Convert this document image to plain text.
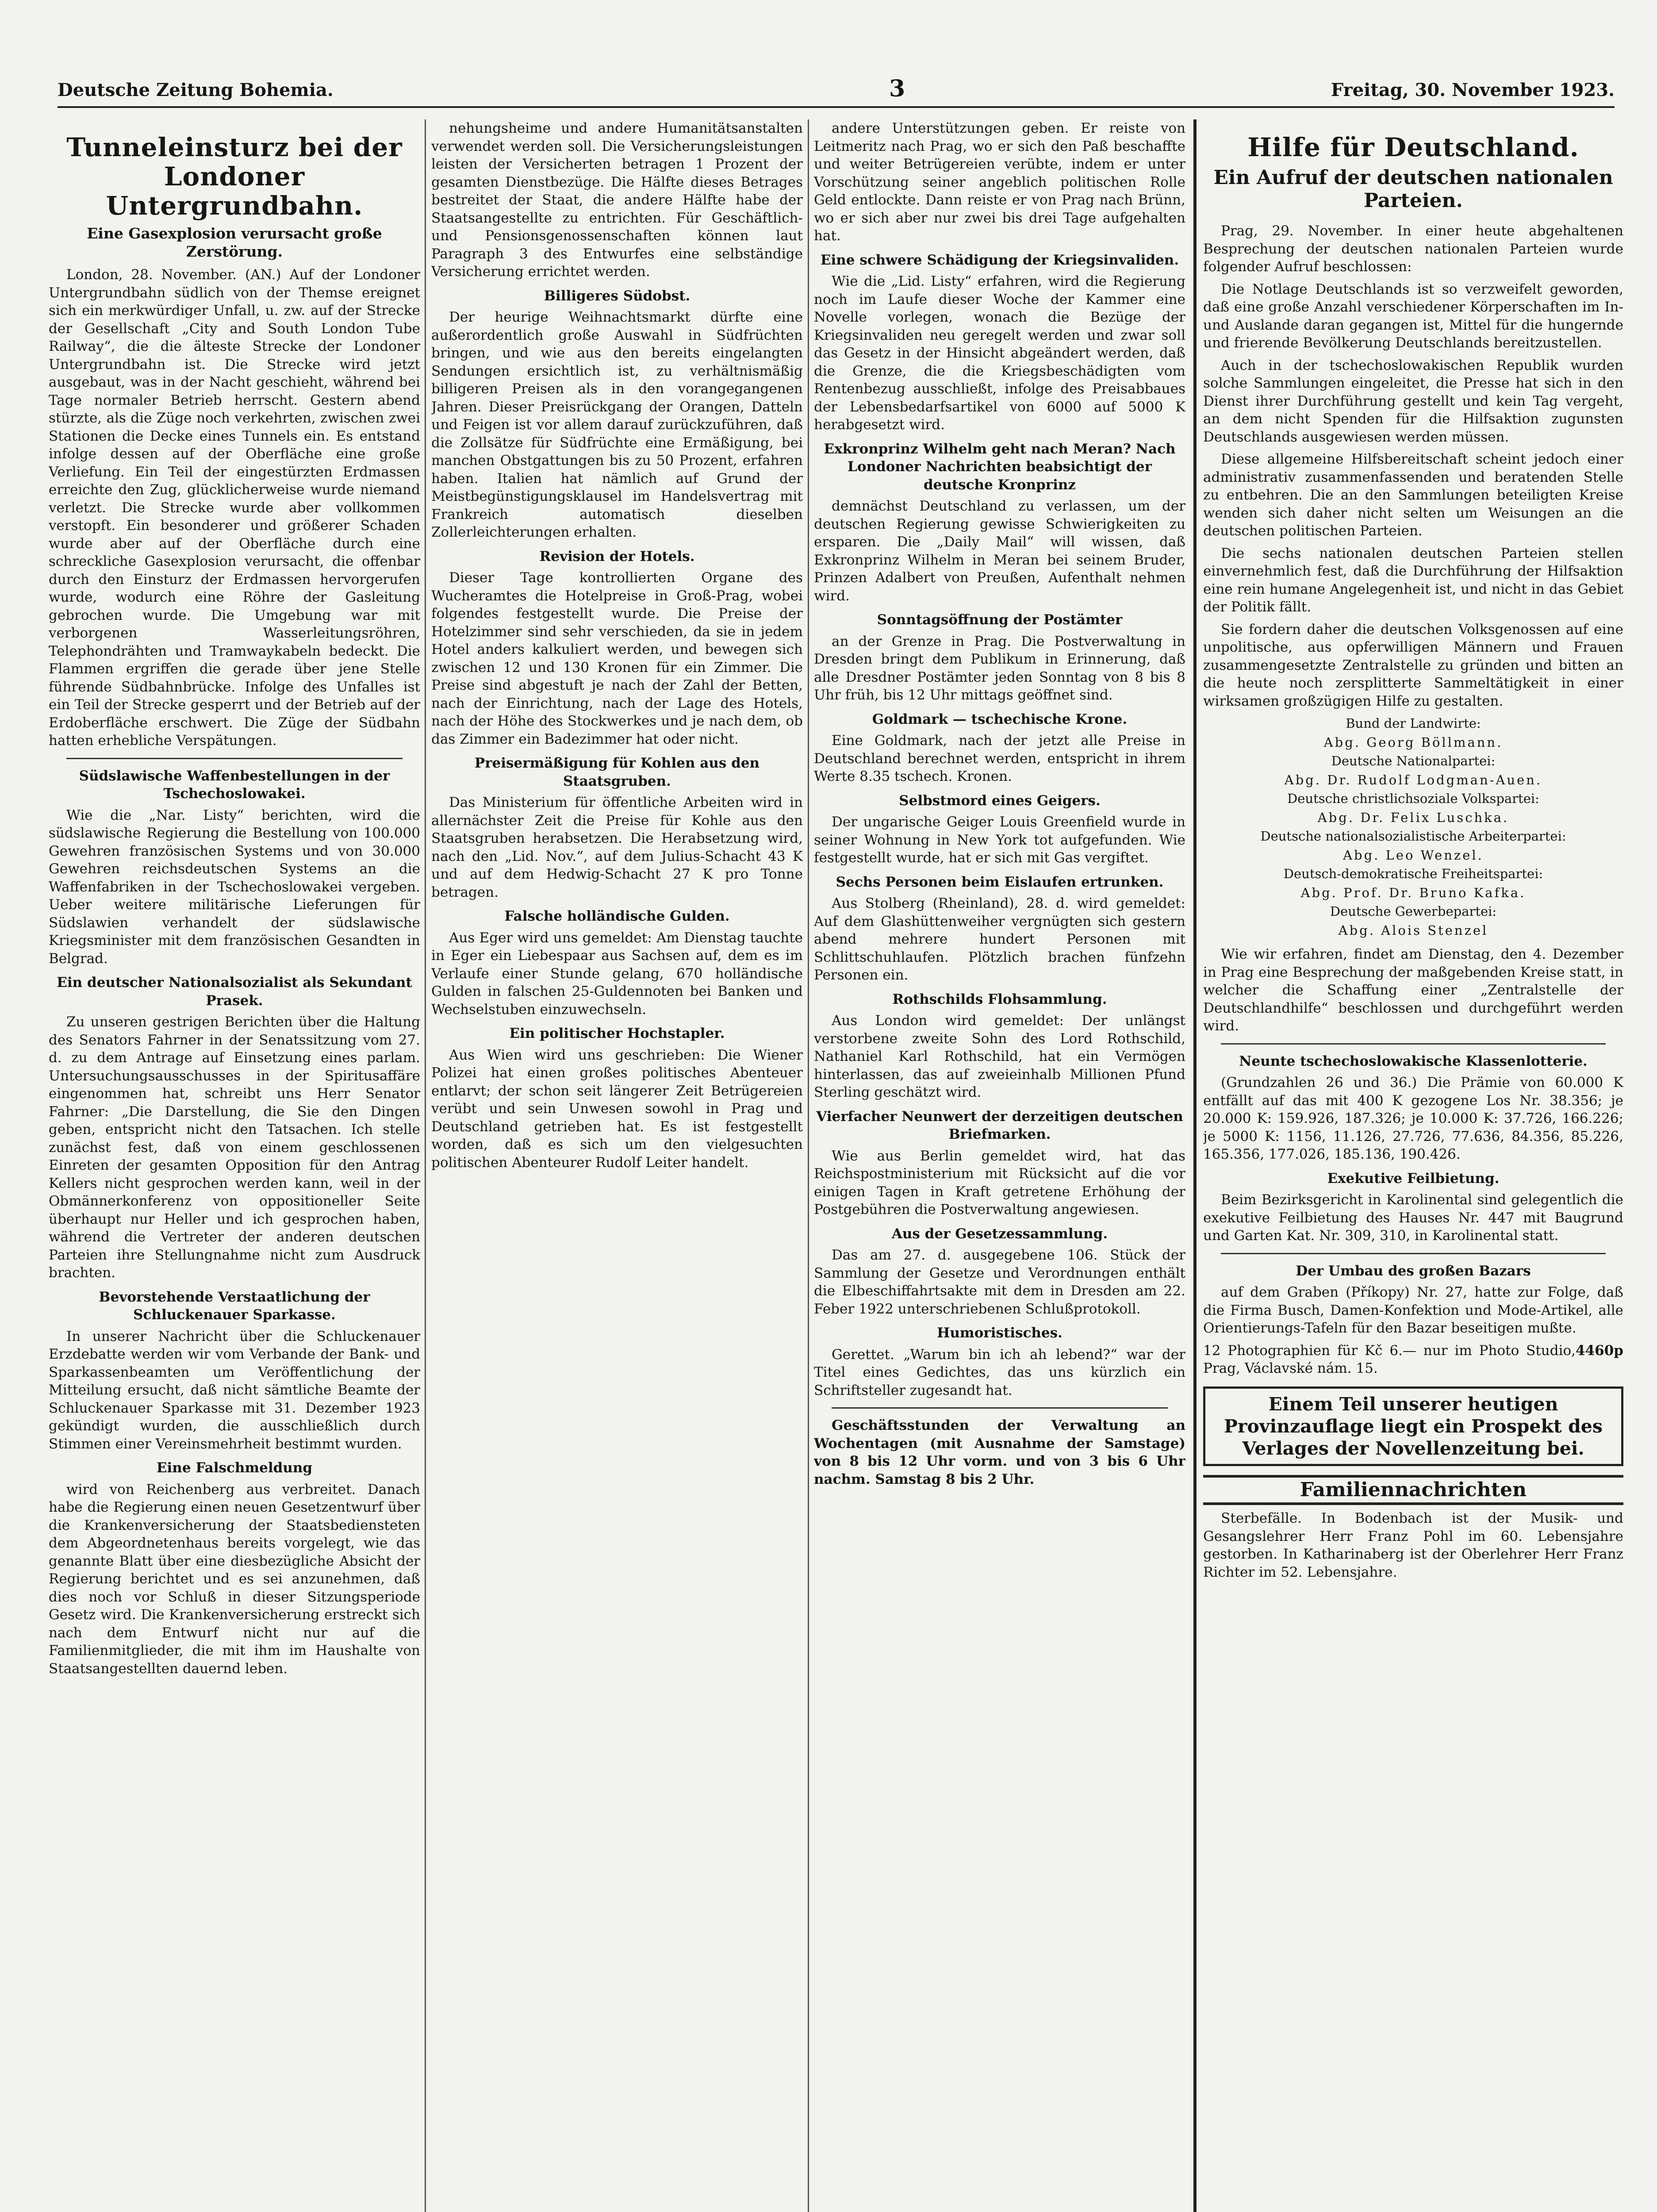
Deutsche Zeitung Bohemia.	3	Freitag, 30. November 1923.
Tunneleinsturz bei der Londoner Untergrundbahn.
Eine Gasexplosion verursacht große Zerstörung.

London, 28. November. (AN.) Auf der Londoner Untergrundbahn südlich von der Themse ereignet sich ein merkwürdiger Unfall, u. zw. auf der Strecke der Gesellschaft „City and South London Tube Railway“, die die älteste Strecke der Londoner Untergrundbahn ist. Die Strecke wird jetzt ausgebaut, was in der Nacht geschieht, während bei Tage normaler Betrieb herrscht. Gestern abend stürzte, als die Züge noch verkehrten, zwischen zwei Stationen die Decke eines Tunnels ein. Es entstand infolge dessen auf der Oberfläche eine große Verliefung. Ein Teil der eingestürzten Erdmassen erreichte den Zug, glücklicherweise wurde niemand verletzt. Die Strecke wurde aber vollkommen verstopft. Ein besonderer und größerer Schaden wurde aber auf der Oberfläche durch eine schreckliche Gasexplosion verursacht, die offenbar durch den Einsturz der Erdmassen hervorgerufen wurde, wodurch eine Röhre der Gasleitung gebrochen wurde. Die Umgebung war mit verborgenen Wasserleitungsröhren, Telephondrähten und Tramwaykabeln bedeckt. Die Flammen ergriffen die gerade über jene Stelle führende Südbahnbrücke. Infolge des Unfalles ist ein Teil der Strecke gesperrt und der Betrieb auf der Erdoberfläche erschwert. Die Züge der Südbahn hatten erhebliche Verspätungen.

Südslawische Waffenbestellungen in der Tschechoslowakei.

Wie die „Nar. Listy“ berichten, wird die südslawische Regierung die Bestellung von 100.000 Gewehren französischen Systems und von 30.000 Gewehren reichsdeutschen Systems an die Waffenfabriken in der Tschechoslowakei vergeben. Ueber weitere militärische Lieferungen für Südslawien verhandelt der südslawische Kriegsminister mit dem französischen Gesandten in Belgrad.

Ein deutscher Nationalsozialist als Sekundant Prasek.

Zu unseren gestrigen Berichten über die Haltung des Senators Fahrner in der Senatssitzung vom 27. d. zu dem Antrage auf Einsetzung eines parlam. Untersuchungsausschusses in der Spiritusaffäre eingenommen hat, schreibt uns Herr Senator Fahrner: „Die Darstellung, die Sie den Dingen geben, entspricht nicht den Tatsachen. Ich stelle zunächst fest, daß von einem geschlossenen Einreten der gesamten Opposition für den Antrag Kellers nicht gesprochen werden kann, weil in der Obmännerkonferenz von oppositioneller Seite überhaupt nur Heller und ich gesprochen haben, während die Vertreter der anderen deutschen Parteien ihre Stellungnahme nicht zum Ausdruck brachten.

Bevorstehende Verstaatlichung der Schluckenauer Sparkasse.

In unserer Nachricht über die Schluckenauer Erzdebatte werden wir vom Verbande der Bank- und Sparkassenbeamten um Veröffentlichung der Mitteilung ersucht, daß nicht sämtliche Beamte der Schluckenauer Sparkasse mit 31. Dezember 1923 gekündigt wurden, die ausschließlich durch Stimmen einer Vereinsmehrheit bestimmt wurden.

Eine Falschmeldung

wird von Reichenberg aus verbreitet. Danach habe die Regierung einen neuen Gesetzentwurf über die Krankenversicherung der Staatsbediensteten dem Abgeordnetenhaus bereits vorgelegt, wie das genannte Blatt über eine diesbezügliche Absicht der Regierung berichtet und es sei anzunehmen, daß dies noch vor Schluß in dieser Sitzungsperiode Gesetz wird. Die Krankenversicherung erstreckt sich nach dem Entwurf nicht nur auf die Familienmitglieder, die mit ihm im Haushalte von Staatsangestellten dauernd leben.

nehungsheime und andere Humanitätsanstalten verwendet werden soll. Die Versicherungsleistungen leisten der Versicherten betragen 1 Prozent der gesamten Dienstbezüge. Die Hälfte dieses Betrages bestreitet der Staat, die andere Hälfte habe der Staatsangestellte zu entrichten. Für Geschäftlich- und Pensionsgenossenschaften können laut Paragraph 3 des Entwurfes eine selbständige Versicherung errichtet werden.

Billigeres Südobst.

Der heurige Weihnachtsmarkt dürfte eine außerordentlich große Auswahl in Südfrüchten bringen, und wie aus den bereits eingelangten Sendungen ersichtlich ist, zu verhältnismäßig billigeren Preisen als in den vorangegangenen Jahren. Dieser Preisrückgang der Orangen, Datteln und Feigen ist vor allem darauf zurückzuführen, daß die Zollsätze für Südfrüchte eine Ermäßigung, bei manchen Obstgattungen bis zu 50 Prozent, erfahren haben. Italien hat nämlich auf Grund der Meistbegünstigungsklausel im Handelsvertrag mit Frankreich automatisch dieselben Zollerleichterungen erhalten.

Revision der Hotels.

Dieser Tage kontrollierten Organe des Wucheramtes die Hotelpreise in Groß-Prag, wobei folgendes festgestellt wurde. Die Preise der Hotelzimmer sind sehr verschieden, da sie in jedem Hotel anders kalkuliert werden, und bewegen sich zwischen 12 und 130 Kronen für ein Zimmer. Die Preise sind abgestuft je nach der Zahl der Betten, nach der Einrichtung, nach der Lage des Hotels, nach der Höhe des Stockwerkes und je nach dem, ob das Zimmer ein Badezimmer hat oder nicht.

Preisermäßigung für Kohlen aus den Staatsgruben.

Das Ministerium für öffentliche Arbeiten wird in allernächster Zeit die Preise für Kohle aus den Staatsgruben herabsetzen. Die Herabsetzung wird, nach den „Lid. Nov.“, auf dem Julius-Schacht 43 K und auf dem Hedwig-Schacht 27 K pro Tonne betragen.

Falsche holländische Gulden.

Aus Eger wird uns gemeldet: Am Dienstag tauchte in Eger ein Liebespaar aus Sachsen auf, dem es im Verlaufe einer Stunde gelang, 670 holländische Gulden in falschen 25-Guldennoten bei Banken und Wechselstuben einzuwechseln.

Ein politischer Hochstapler.

Aus Wien wird uns geschrieben: Die Wiener Polizei hat einen großes politisches Abenteuer entlarvt; der schon seit längerer Zeit Betrügereien verübt und sein Unwesen sowohl in Prag und Deutschland getrieben hat. Es ist festgestellt worden, daß es sich um den vielgesuchten politischen Abenteurer Rudolf Leiter handelt.

andere Unterstützungen geben. Er reiste von Leitmeritz nach Prag, wo er sich den Paß beschaffte und weiter Betrügereien verübte, indem er unter Vorschützung seiner angeblich politischen Rolle Geld entlockte. Dann reiste er von Prag nach Brünn, wo er sich aber nur zwei bis drei Tage aufgehalten hat.

Eine schwere Schädigung der Kriegsinvaliden.

Wie die „Lid. Listy“ erfahren, wird die Regierung noch im Laufe dieser Woche der Kammer eine Novelle vorlegen, wonach die Bezüge der Kriegsinvaliden neu geregelt werden und zwar soll das Gesetz in der Hinsicht abgeändert werden, daß die Grenze, die die Kriegsbeschädigten vom Rentenbezug ausschließt, infolge des Preisabbaues der Lebensbedarfsartikel von 6000 auf 5000 K herabgesetzt wird.

Exkronprinz Wilhelm geht nach Meran? Nach Londoner Nachrichten beabsichtigt der deutsche Kronprinz

demnächst Deutschland zu verlassen, um der deutschen Regierung gewisse Schwierigkeiten zu ersparen. Die „Daily Mail“ will wissen, daß Exkronprinz Wilhelm in Meran bei seinem Bruder, Prinzen Adalbert von Preußen, Aufenthalt nehmen wird.

Sonntagsöffnung der Postämter

an der Grenze in Prag. Die Postverwaltung in Dresden bringt dem Publikum in Erinnerung, daß alle Dresdner Postämter jeden Sonntag von 8 bis 8 Uhr früh, bis 12 Uhr mittags geöffnet sind.

Goldmark — tschechische Krone.

Eine Goldmark, nach der jetzt alle Preise in Deutschland berechnet werden, entspricht in ihrem Werte 8.35 tschech. Kronen.

Selbstmord eines Geigers.

Der ungarische Geiger Louis Greenfield wurde in seiner Wohnung in New York tot aufgefunden. Wie festgestellt wurde, hat er sich mit Gas vergiftet.

Sechs Personen beim Eislaufen ertrunken.

Aus Stolberg (Rheinland), 28. d. wird gemeldet: Auf dem Glashüttenweiher vergnügten sich gestern abend mehrere hundert Personen mit Schlittschuhlaufen. Plötzlich brachen fünfzehn Personen ein.

Rothschilds Flohsammlung.

Aus London wird gemeldet: Der unlängst verstorbene zweite Sohn des Lord Rothschild, Nathaniel Karl Rothschild, hat ein Vermögen hinterlassen, das auf zweieinhalb Millionen Pfund Sterling geschätzt wird.

Vierfacher Neunwert der derzeitigen deutschen Briefmarken.

Wie aus Berlin gemeldet wird, hat das Reichspostministerium mit Rücksicht auf die vor einigen Tagen in Kraft getretene Erhöhung der Postgebühren die Postverwaltung angewiesen.

Aus der Gesetzessammlung.

Das am 27. d. ausgegebene 106. Stück der Sammlung der Gesetze und Verordnungen enthält die Elbeschiffahrtsakte mit dem in Dresden am 22. Feber 1922 unterschriebenen Schlußprotokoll.

Humoristisches.

Gerettet. „Warum bin ich ah lebend?“ war der Titel eines Gedichtes, das uns kürzlich ein Schriftsteller zugesandt hat.

Geschäftsstunden der Verwaltung an Wochentagen (mit Ausnahme der Samstage) von 8 bis 12 Uhr vorm. und von 3 bis 6 Uhr nachm. Samstag 8 bis 2 Uhr.

Hilfe für Deutschland.
Ein Aufruf der deutschen nationalen Parteien.

Prag, 29. November. In einer heute abgehaltenen Besprechung der deutschen nationalen Parteien wurde folgender Aufruf beschlossen:

Die Notlage Deutschlands ist so verzweifelt geworden, daß eine große Anzahl verschiedener Körperschaften im In- und Auslande daran gegangen ist, Mittel für die hungernde und frierende Bevölkerung Deutschlands bereitzustellen.

Auch in der tschechoslowakischen Republik wurden solche Sammlungen eingeleitet, die Presse hat sich in den Dienst ihrer Durchführung gestellt und kein Tag vergeht, an dem nicht Spenden für die Hilfsaktion zugunsten Deutschlands ausgewiesen werden müssen.

Diese allgemeine Hilfsbereitschaft scheint jedoch einer administrativ zusammenfassenden und beratenden Stelle zu entbehren. Die an den Sammlungen beteiligten Kreise wenden sich daher nicht selten um Weisungen an die deutschen politischen Parteien.

Die sechs nationalen deutschen Parteien stellen einvernehmlich fest, daß die Durchführung der Hilfsaktion eine rein humane Angelegenheit ist, und nicht in das Gebiet der Politik fällt.

Sie fordern daher die deutschen Volksgenossen auf eine unpolitische, aus opferwilligen Männern und Frauen zusammengesetzte Zentralstelle zu gründen und bitten an die heute noch zersplitterte Sammeltätigkeit in einer wirksamen großzügigen Hilfe zu gestalten.

Bund der Landwirte:
Abg. Georg Böllmann.
Deutsche Nationalpartei:
Abg. Dr. Rudolf Lodgman-Auen.
Deutsche christlichsoziale Volkspartei:
Abg. Dr. Felix Luschka.
Deutsche nationalsozialistische Arbeiterpartei:
Abg. Leo Wenzel.
Deutsch-demokratische Freiheitspartei:
Abg. Prof. Dr. Bruno Kafka.
Deutsche Gewerbepartei:
Abg. Alois Stenzel

Wie wir erfahren, findet am Dienstag, den 4. Dezember in Prag eine Besprechung der maßgebenden Kreise statt, in welcher die Schaffung einer „Zentralstelle der Deutschlandhilfe“ beschlossen und durchgeführt werden wird.

Neunte tschechoslowakische Klassenlotterie.

(Grundzahlen 26 und 36.) Die Prämie von 60.000 K entfällt auf das mit 400 K gezogene Los Nr. 38.356; je 20.000 K: 159.926, 187.326; je 10.000 K: 37.726, 166.226; je 5000 K: 1156, 11.126, 27.726, 77.636, 84.356, 85.226, 165.356, 177.026, 185.136, 190.426.

Exekutive Feilbietung.

Beim Bezirksgericht in Karolinental sind gelegentlich die exekutive Feilbietung des Hauses Nr. 447 mit Baugrund und Garten Kat. Nr. 309, 310, in Karolinental statt.

Der Umbau des großen Bazars

auf dem Graben (Příkopy) Nr. 27, hatte zur Folge, daß die Firma Busch, Damen-Konfektion und Mode-Artikel, alle Orientierungs-Tafeln für den Bazar beseitigen mußte.

4460p
12 Photographien für Kč 6.— nur im Photo Studio, Prag, Václavské nám. 15.
Einem Teil unserer heutigen Provinzauflage liegt ein Prospekt des Verlages der Novellenzeitung bei.
Familiennachrichten

Sterbefälle. In Bodenbach ist der Musik- und Gesangslehrer Herr Franz Pohl im 60. Lebensjahre gestorben. In Katharinaberg ist der Oberlehrer Herr Franz Richter im 52. Lebensjahre.
